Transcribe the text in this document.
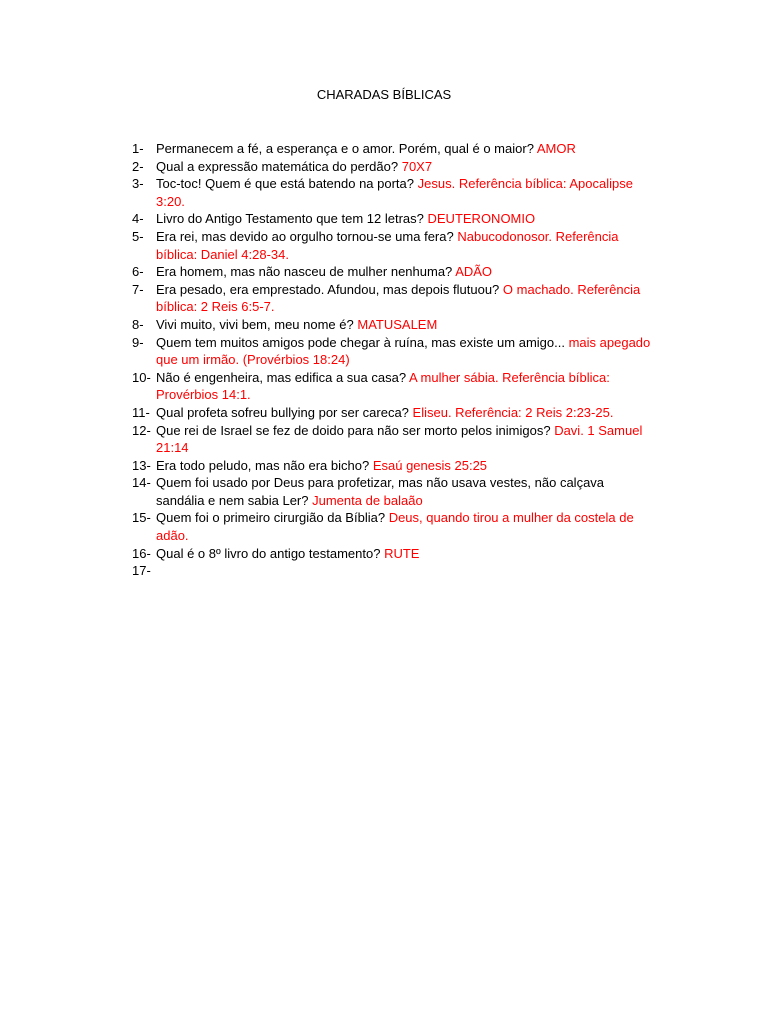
CHARADAS BÍBLICAS
1- Permanecem a fé, a esperança e o amor. Porém, qual é o maior? AMOR
2- Qual a expressão matemática do perdão? 70X7
3- Toc-toc! Quem é que está batendo na porta? Jesus. Referência bíblica: Apocalipse 3:20.
4- Livro do Antigo Testamento que tem 12 letras? DEUTERONOMIO
5- Era rei, mas devido ao orgulho tornou-se uma fera? Nabucodonosor. Referência bíblica: Daniel 4:28-34.
6- Era homem, mas não nasceu de mulher nenhuma? ADÃO
7- Era pesado, era emprestado. Afundou, mas depois flutuou? O machado. Referência bíblica: 2 Reis 6:5-7.
8- Vivi muito, vivi bem, meu nome é? MATUSALEM
9- Quem tem muitos amigos pode chegar à ruína, mas existe um amigo... mais apegado que um irmão. (Provérbios 18:24)
10- Não é engenheira, mas edifica a sua casa? A mulher sábia. Referência bíblica: Provérbios 14:1.
11- Qual profeta sofreu bullying por ser careca? Eliseu. Referência: 2 Reis 2:23-25.
12- Que rei de Israel se fez de doido para não ser morto pelos inimigos? Davi. 1 Samuel 21:14
13- Era todo peludo, mas não era bicho? Esaú genesis 25:25
14- Quem foi usado por Deus para profetizar, mas não usava vestes, não calçava sandália e nem sabia Ler? Jumenta de balaão
15- Quem foi o primeiro cirurgião da Bíblia? Deus, quando tirou a mulher da costela de adão.
16- Qual é o 8º livro do antigo testamento? RUTE
17-
